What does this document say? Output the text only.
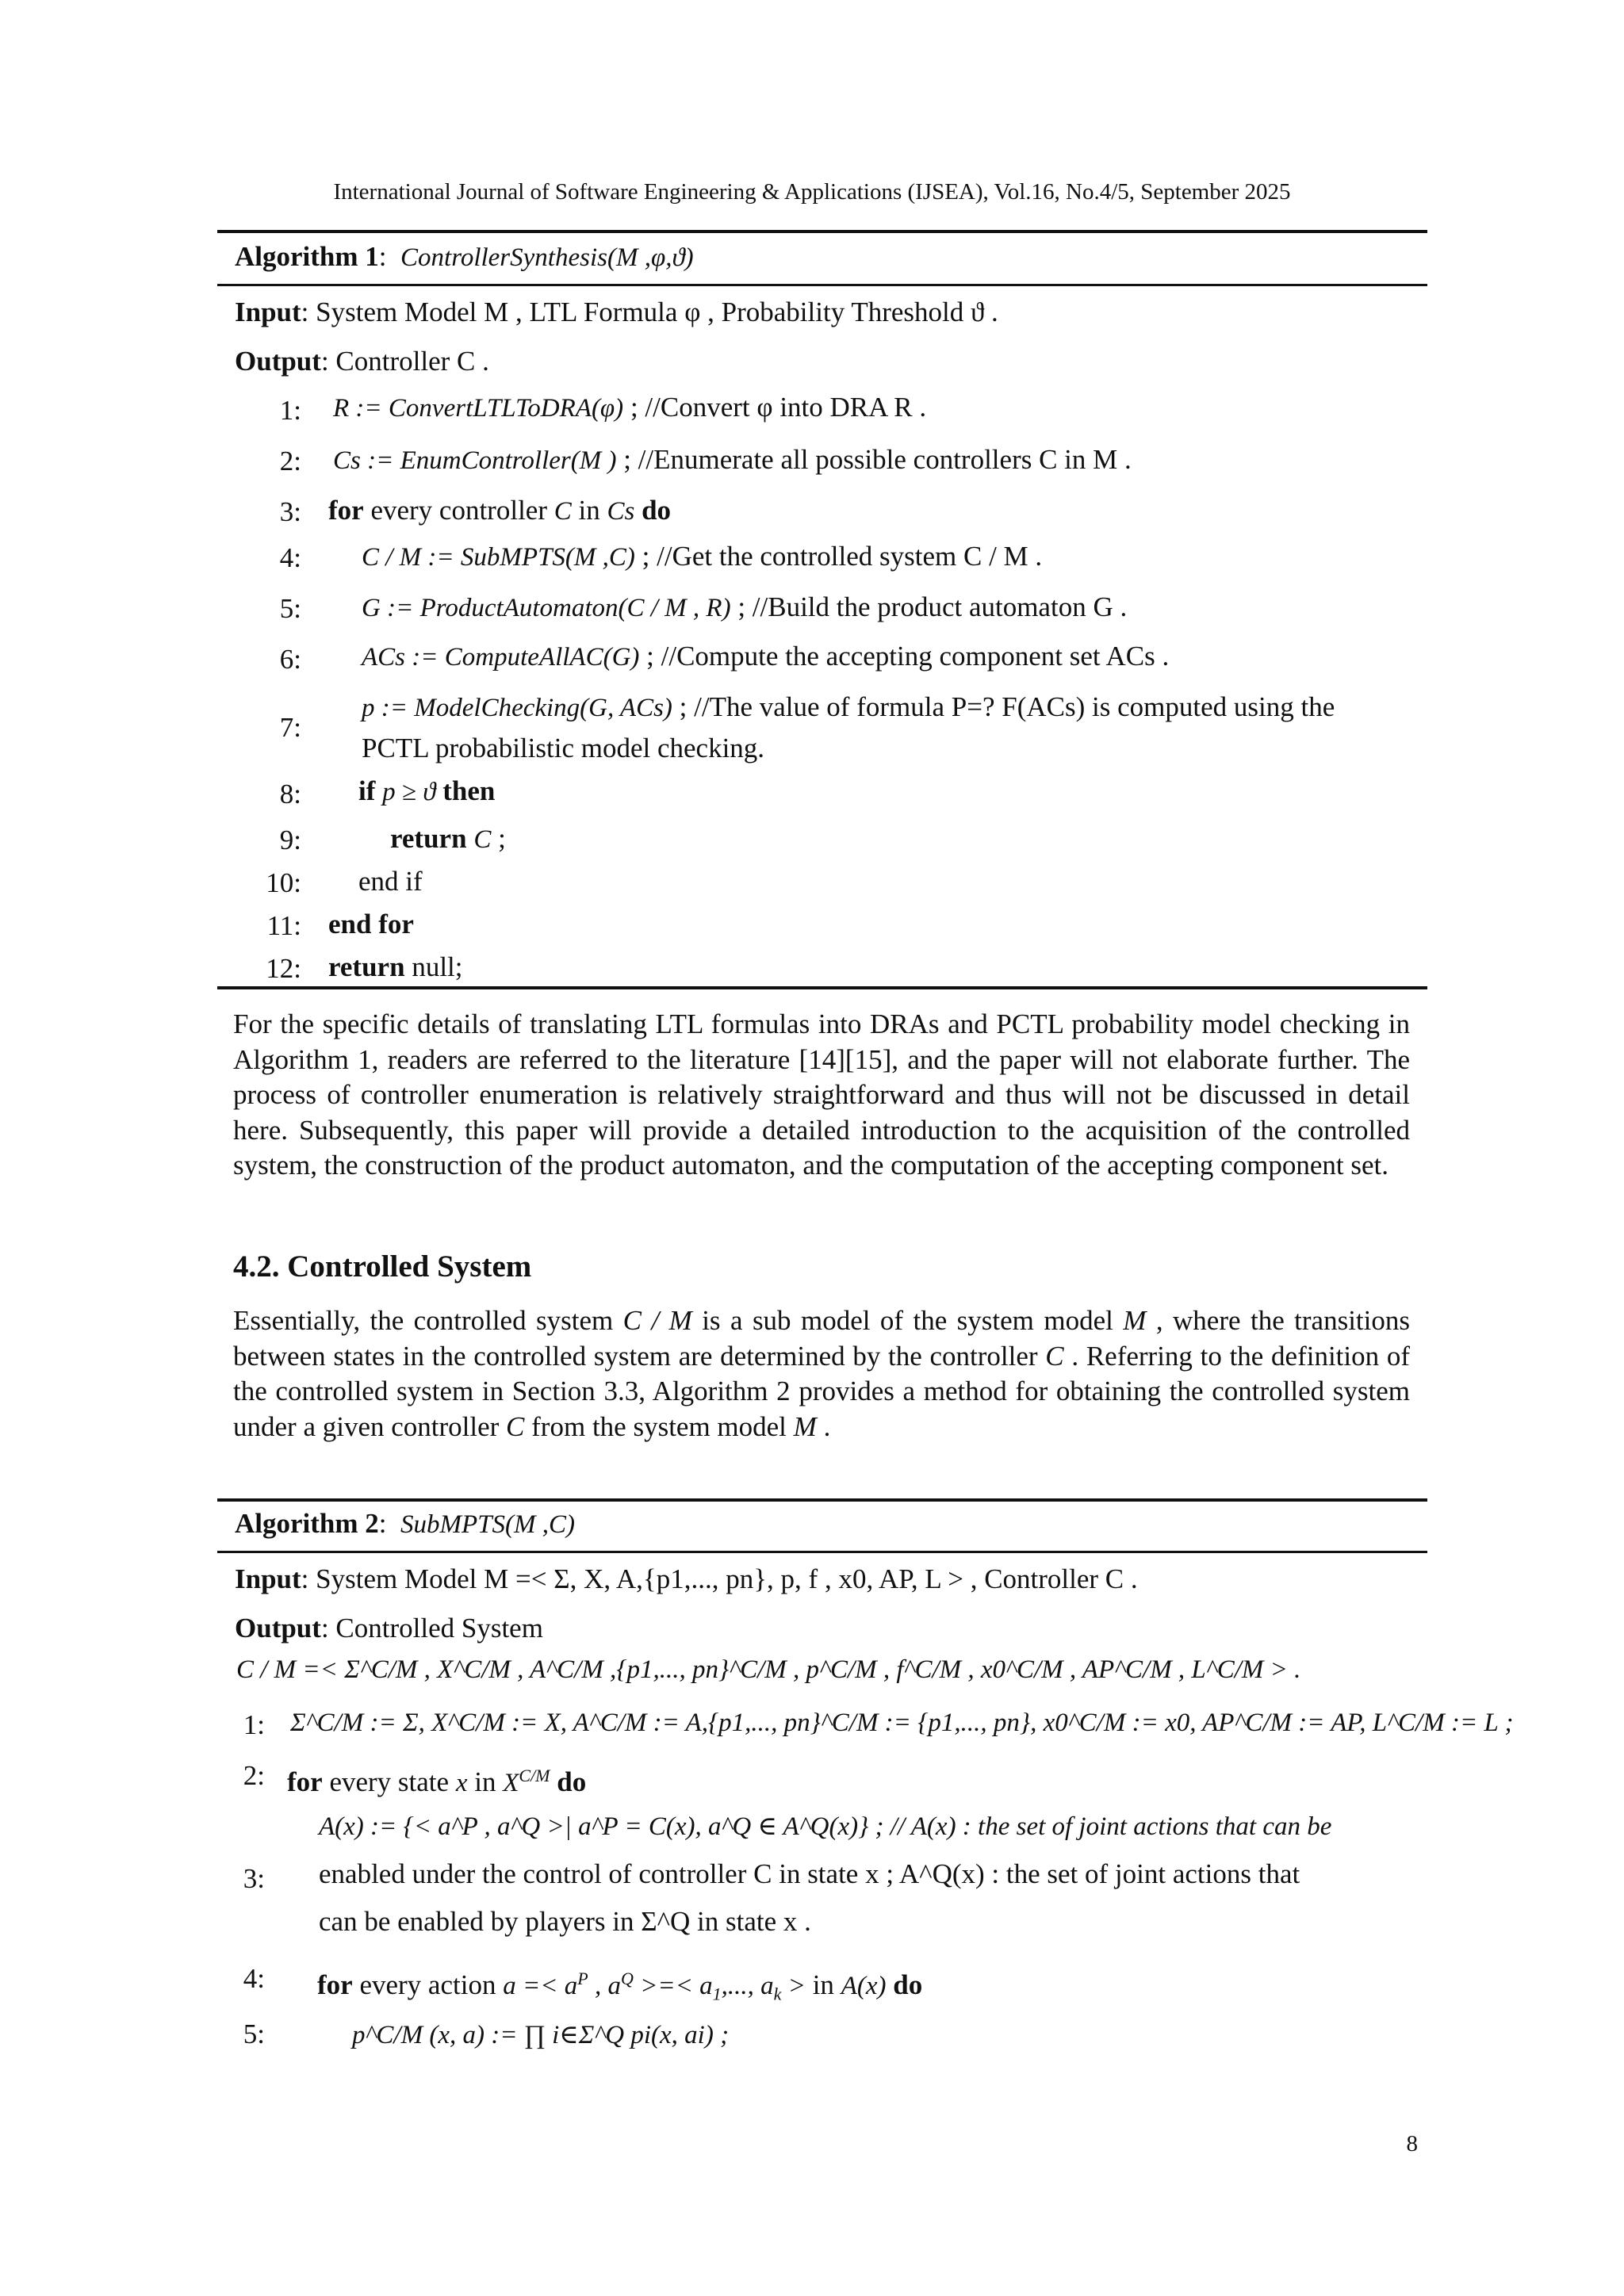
International Journal of Software Engineering & Applications (IJSEA), Vol.16, No.4/5, September 2025
Algorithm 1:  ControllerSynthesis(M ,φ,ϑ)
Input: System Model M , LTL Formula φ , Probability Threshold ϑ .
Output: Controller C .
1: R := ConvertLTLToDRA(φ) ; //Convert φ into DRA R .
2: Cs := EnumController(M ) ; //Enumerate all possible controllers C in M .
3: for every controller C in Cs do
4: C / M := SubMPTS(M ,C) ; //Get the controlled system C / M .
5: G := ProductAutomaton(C / M , R) ; //Build the product automaton G .
6: ACs := ComputeAllAC(G) ; //Compute the accepting component set ACs .
7:
p := ModelChecking(G, ACs) ; //The value of formula P=? F(ACs) is computed using the
PCTL probabilistic model checking.
8: if p ≥ ϑ then
9:	return C ;
10: end if
11: end for
12: return null;
For the specific details of translating LTL formulas into DRAs and PCTL probability model checking in Algorithm 1, readers are referred to the literature [14][15], and the paper will not elaborate further. The process of controller enumeration is relatively straightforward and thus will not be discussed in detail here. Subsequently, this paper will provide a detailed introduction to the acquisition of the controlled system, the construction of the product automaton, and the computation of the accepting component set.
4.2. Controlled System
Essentially, the controlled system C / M is a sub model of the system model M , where the transitions between states in the controlled system are determined by the controller C . Referring to the definition of the controlled system in Section 3.3, Algorithm 2 provides a method for obtaining the controlled system under a given controller C from the system model M .
Algorithm 2:  SubMPTS(M ,C)
Input: System Model M =< Σ, X, A,{p1,..., pn}, p, f , x0, AP, L > , Controller C .
Output: Controlled System
C / M =< Σ^C/M , X^C/M , A^C/M ,{p1,..., pn}^C/M , p^C/M , f^C/M , x0^C/M , AP^C/M , L^C/M > .
1: Σ^C/M := Σ, X^C/M := X, A^C/M := A,{p1,..., pn}^C/M := {p1,..., pn}, x0^C/M := x0, AP^C/M := AP, L^C/M := L ;
2: for every state x in $X^{C/M}$ do
3:
A(x) := {< a^P , a^Q >| a^P = C(x), a^Q ∈ A^Q(x)} ; // A(x) : the set of joint actions that can be
enabled under the control of controller C in state x ; A^Q(x) : the set of joint actions that
can be enabled by players in Σ^Q in state x .
4: for every action $a =< a^P$ , $a^Q$ >=< $a_1$,..., $a_k$ > in A(x) do
5:	p^C/M (x, a) := ∏ i∈Σ^Q pi(x, ai) ;
8
